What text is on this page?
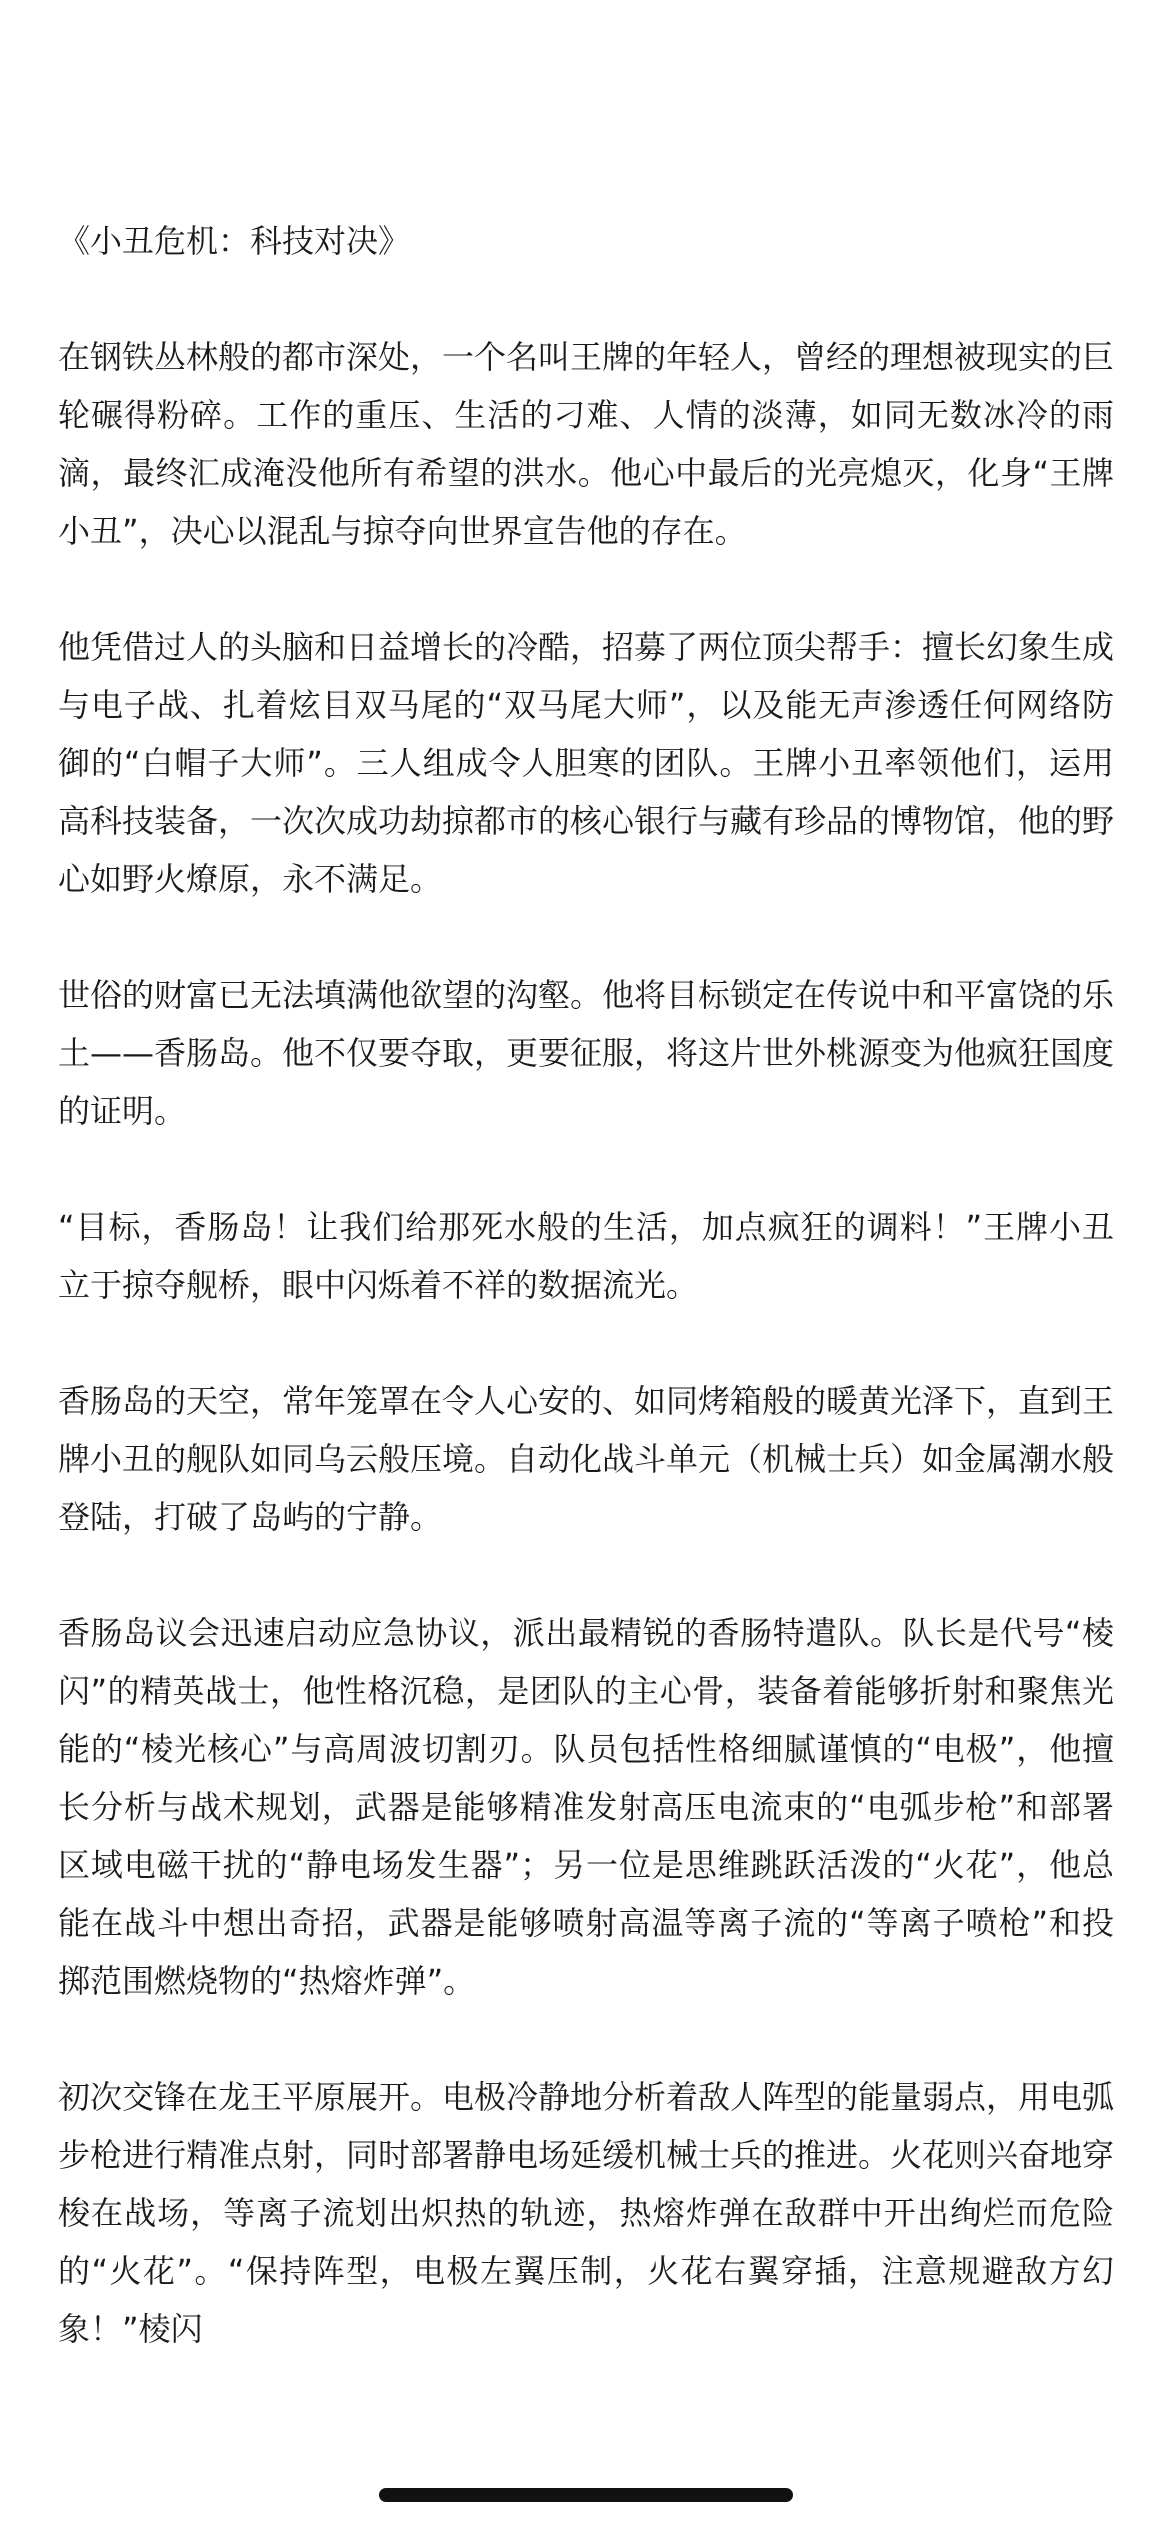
《小丑危机：科技对决》

在钢铁丛林般的都市深处，一个名叫王牌的年轻人，曾经的理想被现实的巨轮碾得粉碎。工作的重压、生活的刁难、人情的淡薄，如同无数冰冷的雨滴，最终汇成淹没他所有希望的洪水。他心中最后的光亮熄灭，化身“王牌小丑”，决心以混乱与掠夺向世界宣告他的存在。

他凭借过人的头脑和日益增长的冷酷，招募了两位顶尖帮手：擅长幻象生成与电子战、扎着炫目双马尾的“双马尾大师”，以及能无声渗透任何网络防御的“白帽子大师”。三人组成令人胆寒的团队。王牌小丑率领他们，运用高科技装备，一次次成功劫掠都市的核心银行与藏有珍品的博物馆，他的野心如野火燎原，永不满足。

世俗的财富已无法填满他欲望的沟壑。他将目标锁定在传说中和平富饶的乐土——香肠岛。他不仅要夺取，更要征服，将这片世外桃源变为他疯狂国度的证明。

“目标，香肠岛！让我们给那死水般的生活，加点疯狂的调料！”王牌小丑立于掠夺舰桥，眼中闪烁着不祥的数据流光。

香肠岛的天空，常年笼罩在令人心安的、如同烤箱般的暖黄光泽下，直到王牌小丑的舰队如同乌云般压境。自动化战斗单元（机械士兵）如金属潮水般登陆，打破了岛屿的宁静。

香肠岛议会迅速启动应急协议，派出最精锐的香肠特遣队。队长是代号“棱闪”的精英战士，他性格沉稳，是团队的主心骨，装备着能够折射和聚焦光能的“棱光核心”与高周波切割刃。队员包括性格细腻谨慎的“电极”，他擅长分析与战术规划，武器是能够精准发射高压电流束的“电弧步枪”和部署区域电磁干扰的“静电场发生器”；另一位是思维跳跃活泼的“火花”，他总能在战斗中想出奇招，武器是能够喷射高温等离子流的“等离子喷枪”和投掷范围燃烧物的“热熔炸弹”。

初次交锋在龙王平原展开。电极冷静地分析着敌人阵型的能量弱点，用电弧步枪进行精准点射，同时部署静电场延缓机械士兵的推进。火花则兴奋地穿梭在战场，等离子流划出炽热的轨迹，热熔炸弹在敌群中开出绚烂而危险的“火花”。“保持阵型，电极左翼压制，火花右翼穿插，注意规避敌方幻象！”棱闪
